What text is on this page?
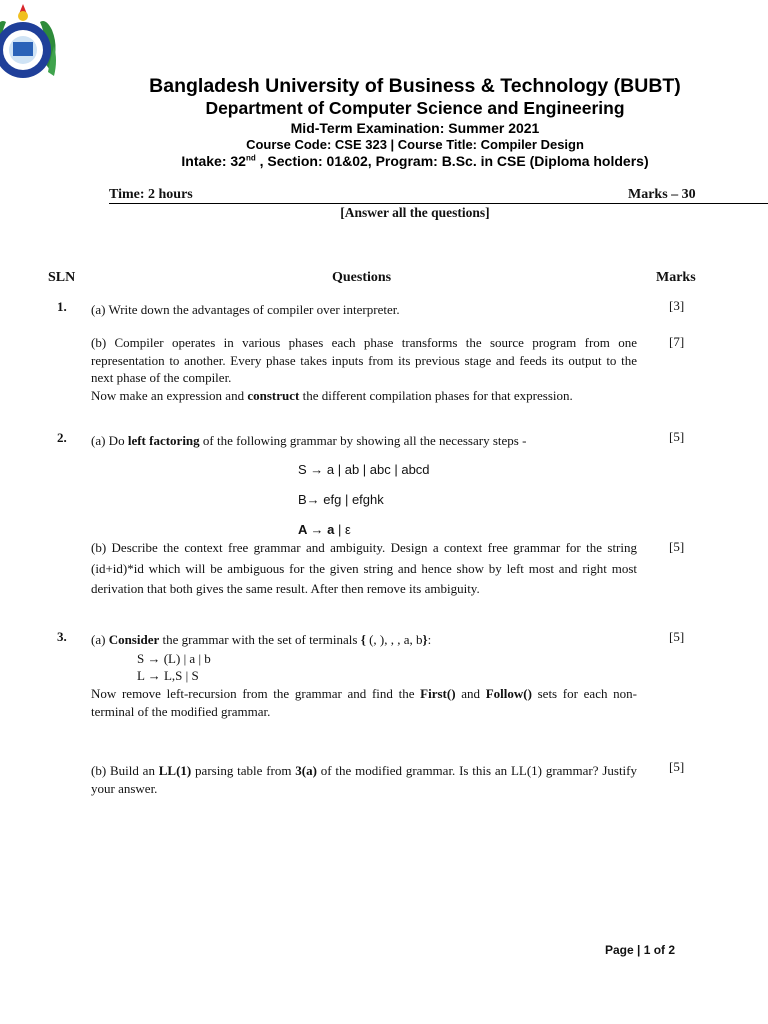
Bangladesh University of Business & Technology (BUBT)
Department of Computer Science and Engineering
Mid-Term Examination: Summer 2021
Course Code: CSE 323 | Course Title: Compiler Design
Intake: 32nd , Section: 01&02, Program: B.Sc. in CSE (Diploma holders)
Time: 2 hours	Marks – 30
[Answer all the questions]
SLN	Questions	Marks
1. (a) Write down the advantages of compiler over interpreter.	[3]
(b) Compiler operates in various phases each phase transforms the source program from one representation to another. Every phase takes inputs from its previous stage and feeds its output to the next phase of the compiler.
Now make an expression and construct the different compilation phases for that expression.
[7]
2. (a) Do left factoring of the following grammar by showing all the necessary steps -	[5]
S → a | ab | abc | abcd
B→ efg | efghk
A → a | ε
(b) Describe the context free grammar and ambiguity. Design a context free grammar for the string (id+id)*id which will be ambiguous for the given string and hence show by left most and right most derivation that both gives the same result. After then remove its ambiguity.
[5]
3. (a) Consider the grammar with the set of terminals { (, ), , , a, b}:	[5]
S → (L) | a | b
L → L,S | S
Now remove left-recursion from the grammar and find the First() and Follow() sets for each non-terminal of the modified grammar.
(b) Build an LL(1) parsing table from 3(a) of the modified grammar. Is this an LL(1) grammar? Justify your answer.
[5]
Page | 1 of 2
